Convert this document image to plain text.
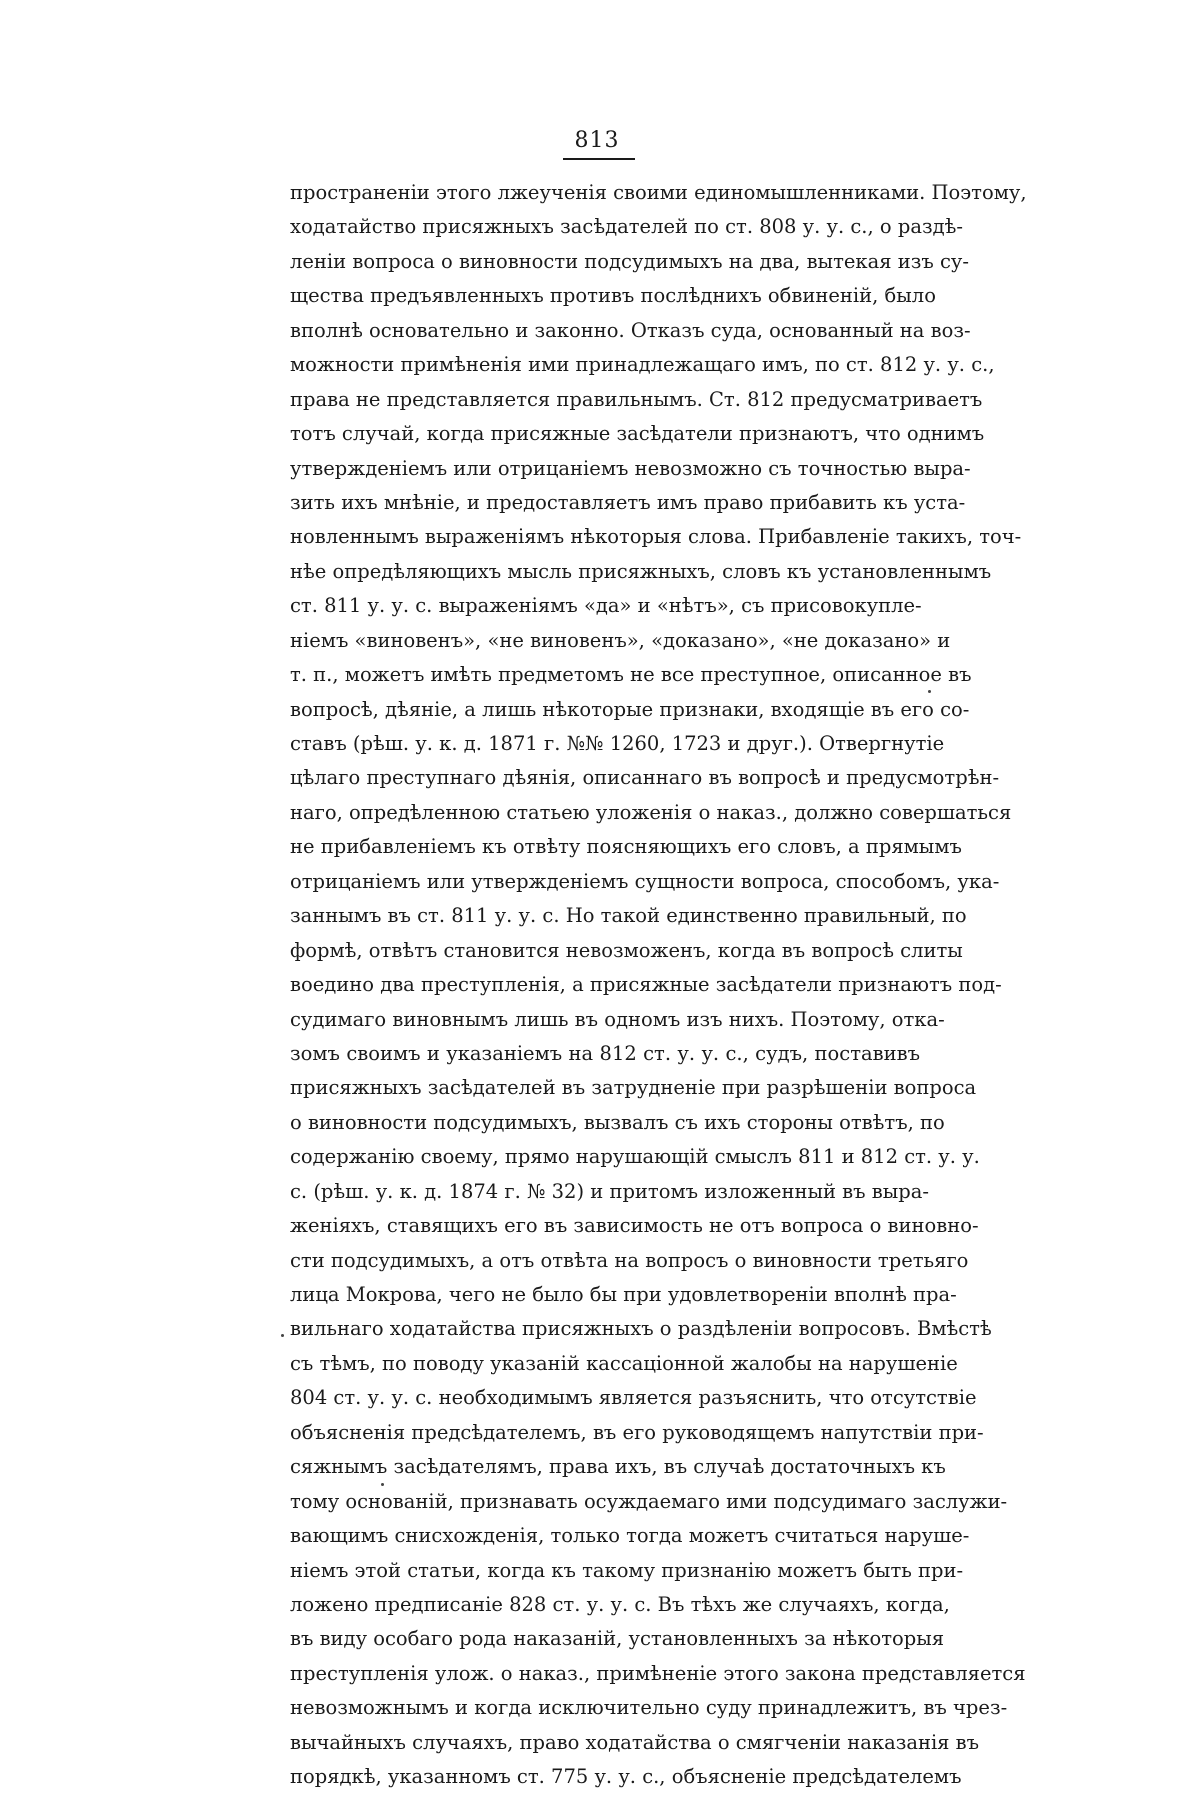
813
пространенiи этого лжеученiя своими единомышленниками. Поэтому,
ходатайство присяжныхъ засѣдателей по ст. 808 у. у. с., о раздѣ-
ленiи вопроса о виновности подсудимыхъ на два, вытекая изъ су-
щества предъявленныхъ противъ послѣднихъ обвиненiй, было
вполнѣ основательно и законно. Отказъ суда, основанный на воз-
можности примѣненiя ими принадлежащаго имъ, по ст. 812 у. у. с.,
права не представляется правильнымъ. Ст. 812 предусматриваетъ
тотъ случай, когда присяжные засѣдатели признаютъ, что однимъ
утвержденiемъ или отрицанiемъ невозможно съ точностью выра-
зить ихъ мнѣнiе, и предоставляетъ имъ право прибавить къ уста-
новленнымъ выраженiямъ нѣкоторыя слова. Прибавленiе такихъ, точ-
нѣе опредѣляющихъ мысль присяжныхъ, словъ къ установленнымъ
ст. 811 у. у. с. выраженiямъ «да» и «нѣтъ», съ присовокупле-
нiемъ «виновенъ», «не виновенъ», «доказано», «не доказано» и
т. п., можетъ имѣть предметомъ не все преступное, описанное въ
вопросѣ, дѣянiе, а лишь нѣкоторые признаки, входящiе въ его со-
ставъ (рѣш. у. к. д. 1871 г. №№ 1260, 1723 и друг.). Отвергнутiе
цѣлаго преступнаго дѣянiя, описаннаго въ вопросѣ и предусмотрѣн-
наго, опредѣленною статьею уложенiя о наказ., должно совершаться
не прибавленiемъ къ отвѣту поясняющихъ его словъ, а прямымъ
отрицанiемъ или утвержденiемъ сущности вопроса, способомъ, ука-
заннымъ въ ст. 811 у. у. с. Но такой единственно правильный, по
формѣ, отвѣтъ становится невозможенъ, когда въ вопросѣ слиты
воедино два преступленiя, а присяжные засѣдатели признаютъ под-
судимаго виновнымъ лишь въ одномъ изъ нихъ. Поэтому, отка-
зомъ своимъ и указанiемъ на 812 ст. у. у. с., судъ, поставивъ
присяжныхъ засѣдателей въ затрудненiе при разрѣшенiи вопроса
о виновности подсудимыхъ, вызвалъ съ ихъ стороны отвѣтъ, по
содержанiю своему, прямо нарушающiй смыслъ 811 и 812 ст. у. у.
с. (рѣш. у. к. д. 1874 г. № 32) и притомъ изложенный въ выра-
женiяхъ, ставящихъ его въ зависимость не отъ вопроса о виновно-
сти подсудимыхъ, а отъ отвѣта на вопросъ о виновности третьяго
лица Мокрова, чего не было бы при удовлетворенiи вполнѣ пра-
вильнаго ходатайства присяжныхъ о раздѣленiи вопросовъ. Вмѣстѣ
съ тѣмъ, по поводу указанiй кассацiонной жалобы на нарушенiе
804 ст. у. у. с. необходимымъ является разъяснить, что отсутствiе
объясненiя предсѣдателемъ, въ его руководящемъ напутствiи при-
сяжнымъ засѣдателямъ, права ихъ, въ случаѣ достаточныхъ къ
тому основанiй, признавать осуждаемаго ими подсудимаго заслужи-
вающимъ снисхожденiя, только тогда можетъ считаться наруше-
нiемъ этой статьи, когда къ такому признанiю можетъ быть при-
ложено предписанiе 828 ст. у. у. с. Въ тѣхъ же случаяхъ, когда,
въ виду особаго рода наказанiй, установленныхъ за нѣкоторыя
преступленiя улож. о наказ., примѣненiе этого закона представляется
невозможнымъ и когда исключительно суду принадлежитъ, въ чрез-
вычайныхъ случаяхъ, право ходатайства о смягченiи наказанiя въ
порядкѣ, указанномъ ст. 775 у. у. с., объясненiе предсѣдателемъ
